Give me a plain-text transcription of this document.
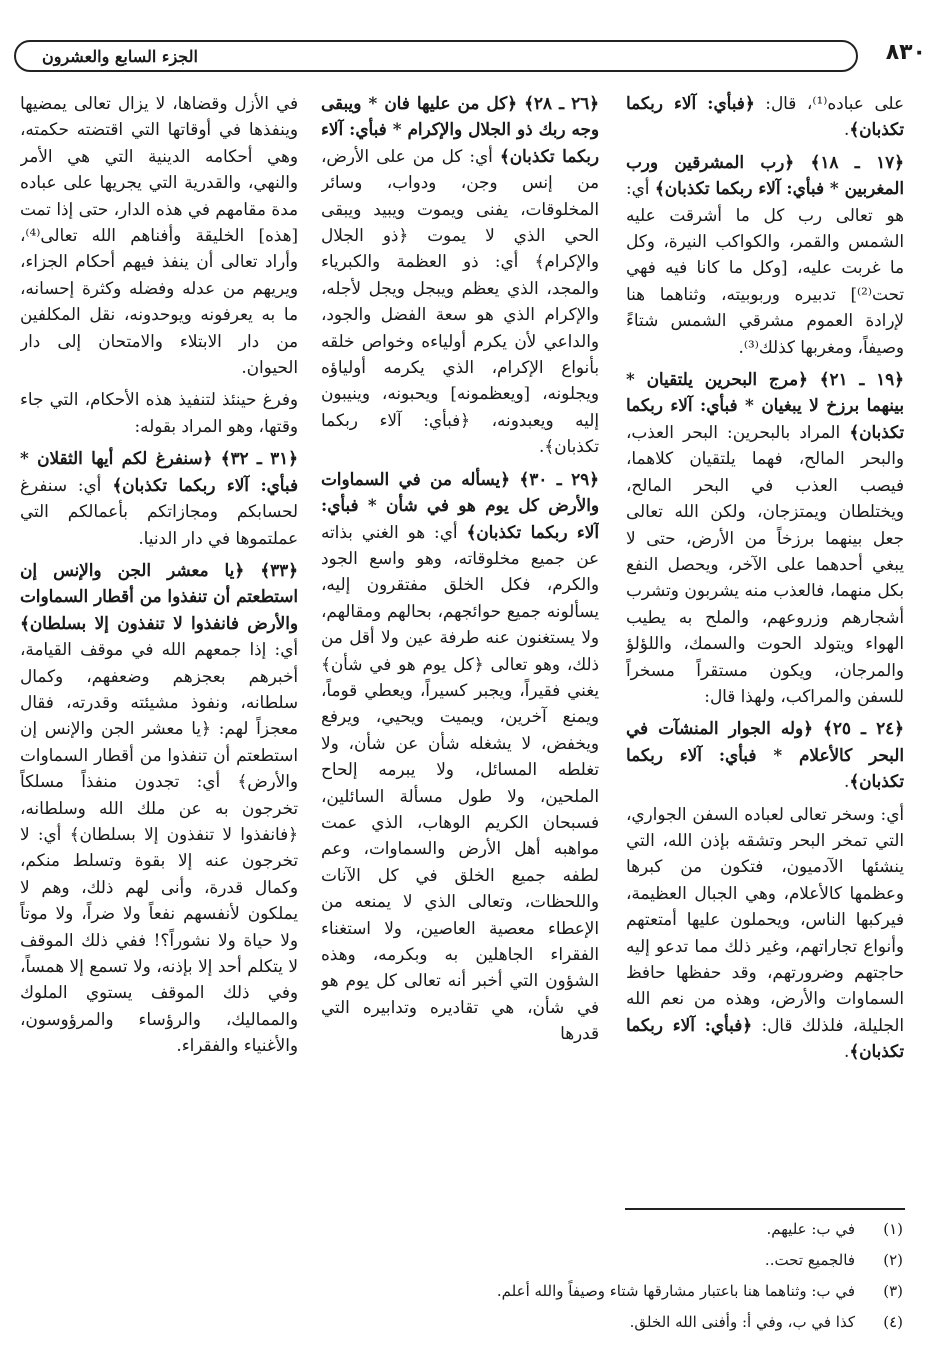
الجزء السابع والعشرون	٨٣٠

على عباده⁽¹⁾، قال: ﴿فبأي: آلاء ربكما تكذبان﴾.

﴿١٧ ـ ١٨﴾ ﴿رب المشرقين ورب المغربين * فبأي: آلاء ربكما تكذبان﴾ أي: هو تعالى رب كل ما أشرقت عليه الشمس والقمر، والكواكب النيرة، وكل ما غربت عليه، [وكل ما كانا فيه فهي تحت⁽²⁾] تدبيره وربوبيته، وثناهما هنا لإرادة العموم مشرقي الشمس شتاءً وصيفاً، ومغربها كذلك⁽³⁾.

﴿١٩ ـ ٢١﴾ ﴿مرج البحرين يلتقيان * بينهما برزخ لا يبغيان * فبأي: آلاء ربكما تكذبان﴾ المراد بالبحرين: البحر العذب، والبحر المالح، فهما يلتقيان كلاهما، فيصب العذب في البحر المالح، ويختلطان ويمتزجان، ولكن الله تعالى جعل بينهما برزخاً من الأرض، حتى لا يبغي أحدهما على الآخر، ويحصل النفع بكل منهما، فالعذب منه يشربون وتشرب أشجارهم وزروعهم، والملح به يطيب الهواء ويتولد الحوت والسمك، واللؤلؤ والمرجان، ويكون مستقراً مسخراً للسفن والمراكب، ولهذا قال:

﴿٢٤ ـ ٢٥﴾ ﴿وله الجوار المنشآت في البحر كالأعلام * فبأي: آلاء ربكما تكذبان﴾.

أي: وسخر تعالى لعباده السفن الجواري، التي تمخر البحر وتشقه بإذن الله، التي ينشئها الآدميون، فتكون من كبرها وعظمها كالأعلام، وهي الجبال العظيمة، فيركبها الناس، ويحملون عليها أمتعتهم وأنواع تجاراتهم، وغير ذلك مما تدعو إليه حاجتهم وضرورتهم، وقد حفظها حافظ السماوات والأرض، وهذه من نعم الله الجليلة، فلذلك قال: ﴿فبأي: آلاء ربكما تكذبان﴾.

﴿٢٦ ـ ٢٨﴾ ﴿كل من عليها فان * ويبقى وجه ربك ذو الجلال والإكرام * فبأي: آلاء ربكما تكذبان﴾ أي: كل من على الأرض، من إنس وجن، ودواب، وسائر المخلوقات، يفنى ويموت ويبيد ويبقى الحي الذي لا يموت ﴿ذو الجلال والإكرام﴾ أي: ذو العظمة والكبرياء والمجد، الذي يعظم ويبجل ويجل لأجله، والإكرام الذي هو سعة الفضل والجود، والداعي لأن يكرم أولياءه وخواص خلقه بأنواع الإكرام، الذي يكرمه أولياؤه ويجلونه، [ويعظمونه] ويحبونه، وينيبون إليه ويعبدونه، ﴿فبأي: آلاء ربكما تكذبان﴾.

﴿٢٩ ـ ٣٠﴾ ﴿يسأله من في السماوات والأرض كل يوم هو في شأن * فبأي: آلاء ربكما تكذبان﴾ أي: هو الغني بذاته عن جميع مخلوقاته، وهو واسع الجود والكرم، فكل الخلق مفتقرون إليه، يسألونه جميع حوائجهم، بحالهم ومقالهم، ولا يستغنون عنه طرفة عين ولا أقل من ذلك، وهو تعالى ﴿كل يوم هو في شأن﴾ يغني فقيراً، ويجبر كسيراً، ويعطي قوماً، ويمنع آخرين، ويميت ويحيي، ويرفع ويخفض، لا يشغله شأن عن شأن، ولا تغلطه المسائل، ولا يبرمه إلحاح الملحين، ولا طول مسألة السائلين، فسبحان الكريم الوهاب، الذي عمت مواهبه أهل الأرض والسماوات، وعم لطفه جميع الخلق في كل الآنات واللحظات، وتعالى الذي لا يمنعه من الإعطاء معصية العاصين، ولا استغناء الفقراء الجاهلين به وبكرمه، وهذه الشؤون التي أخبر أنه تعالى كل يوم هو في شأن، هي تقاديره وتدابيره التي قدرها

في الأزل وقضاها، لا يزال تعالى يمضيها وينفذها في أوقاتها التي اقتضته حكمته، وهي أحكامه الدينية التي هي الأمر والنهي، والقدرية التي يجريها على عباده مدة مقامهم في هذه الدار، حتى إذا تمت [هذه] الخليقة وأفناهم الله تعالى⁽⁴⁾، وأراد تعالى أن ينفذ فيهم أحكام الجزاء، ويريهم من عدله وفضله وكثرة إحسانه، ما به يعرفونه ويوحدونه، نقل المكلفين من دار الابتلاء والامتحان إلى دار الحيوان.

وفرغ حينئذ لتنفيذ هذه الأحكام، التي جاء وقتها، وهو المراد بقوله:

﴿٣١ ـ ٣٢﴾ ﴿سنفرغ لكم أيها الثقلان * فبأي: آلاء ربكما تكذبان﴾ أي: سنفرغ لحسابكم ومجازاتكم بأعمالكم التي عملتموها في دار الدنيا.

﴿٣٣﴾ ﴿يا معشر الجن والإنس إن استطعتم أن تنفذوا من أقطار السماوات والأرض فانفذوا لا تنفذون إلا بسلطان﴾ أي: إذا جمعهم الله في موقف القيامة، أخبرهم بعجزهم وضعفهم، وكمال سلطانه، ونفوذ مشيئته وقدرته، فقال معجزاً لهم: ﴿يا معشر الجن والإنس إن استطعتم أن تنفذوا من أقطار السماوات والأرض﴾ أي: تجدون منفذاً مسلكاً تخرجون به عن ملك الله وسلطانه، ﴿فانفذوا لا تنفذون إلا بسلطان﴾ أي: لا تخرجون عنه إلا بقوة وتسلط منكم، وكمال قدرة، وأنى لهم ذلك، وهم لا يملكون لأنفسهم نفعاً ولا ضراً، ولا موتاً ولا حياة ولا نشوراً؟! ففي ذلك الموقف لا يتكلم أحد إلا بإذنه، ولا تسمع إلا همساً، وفي ذلك الموقف يستوي الملوك والمماليك، والرؤساء والمرؤوسون، والأغنياء والفقراء.

(١)
في ب: عليهم.
(٢)
فالجميع تحت..
(٣)
في ب: وثناهما هنا باعتبار مشارقها شتاء وصيفاً والله أعلم.
(٤)
كذا في ب، وفي أ: وأفنى الله الخلق.
